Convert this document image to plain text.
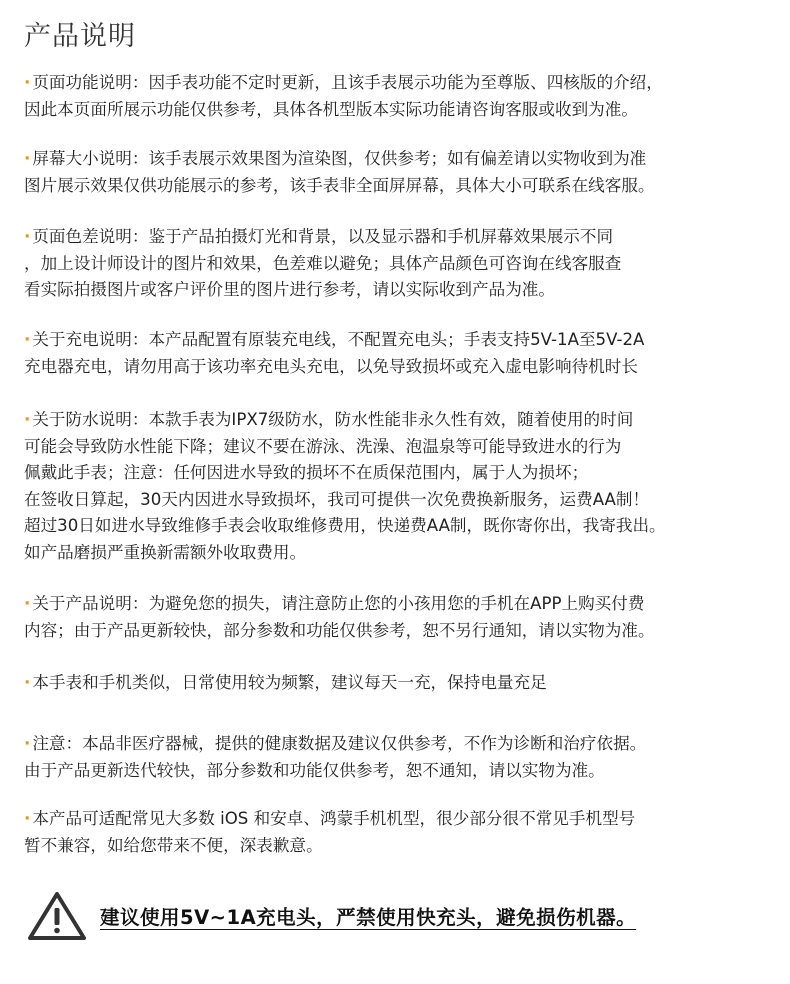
产品说明
· 页面功能说明：因手表功能不定时更新，且该手表展示功能为至尊版、四核版的介绍，
因此本页面所展示功能仅供参考，具体各机型版本实际功能请咨询客服或收到为准。
· 屏幕大小说明：该手表展示效果图为渲染图，仅供参考；如有偏差请以实物收到为准
图片展示效果仅供功能展示的参考，该手表非全面屏屏幕，具体大小可联系在线客服。
· 页面色差说明：鉴于产品拍摄灯光和背景，以及显示器和手机屏幕效果展示不同
，加上设计师设计的图片和效果，色差难以避免；具体产品颜色可咨询在线客服查
看实际拍摄图片或客户评价里的图片进行参考，请以实际收到产品为准。
· 关于充电说明：本产品配置有原装充电线，不配置充电头；手表支持5V-1A至5V-2A
充电器充电，请勿用高于该功率充电头充电，以免导致损坏或充入虚电影响待机时长
· 关于防水说明：本款手表为IPX7级防水，防水性能非永久性有效，随着使用的时间
可能会导致防水性能下降；建议不要在游泳、洗澡、泡温泉等可能导致进水的行为
佩戴此手表；注意：任何因进水导致的损坏不在质保范围内，属于人为损坏；
在签收日算起，30天内因进水导致损坏，我司可提供一次免费换新服务，运费AA制！
超过30日如进水导致维修手表会收取维修费用，快递费AA制，既你寄你出，我寄我出。
如产品磨损严重换新需额外收取费用。
· 关于产品说明：为避免您的损失，请注意防止您的小孩用您的手机在APP上购买付费
内容；由于产品更新较快，部分参数和功能仅供参考，恕不另行通知，请以实物为准。
· 本手表和手机类似，日常使用较为频繁，建议每天一充，保持电量充足
· 注意：本品非医疗器械，提供的健康数据及建议仅供参考，不作为诊断和治疗依据。
由于产品更新迭代较快，部分参数和功能仅供参考，恕不通知，请以实物为准。
· 本产品可适配常见大多数 iOS 和安卓、鸿蒙手机机型，很少部分很不常见手机型号
暂不兼容，如给您带来不便，深表歉意。
建议使用5V~1A充电头，严禁使用快充头，避免损伤机器。
